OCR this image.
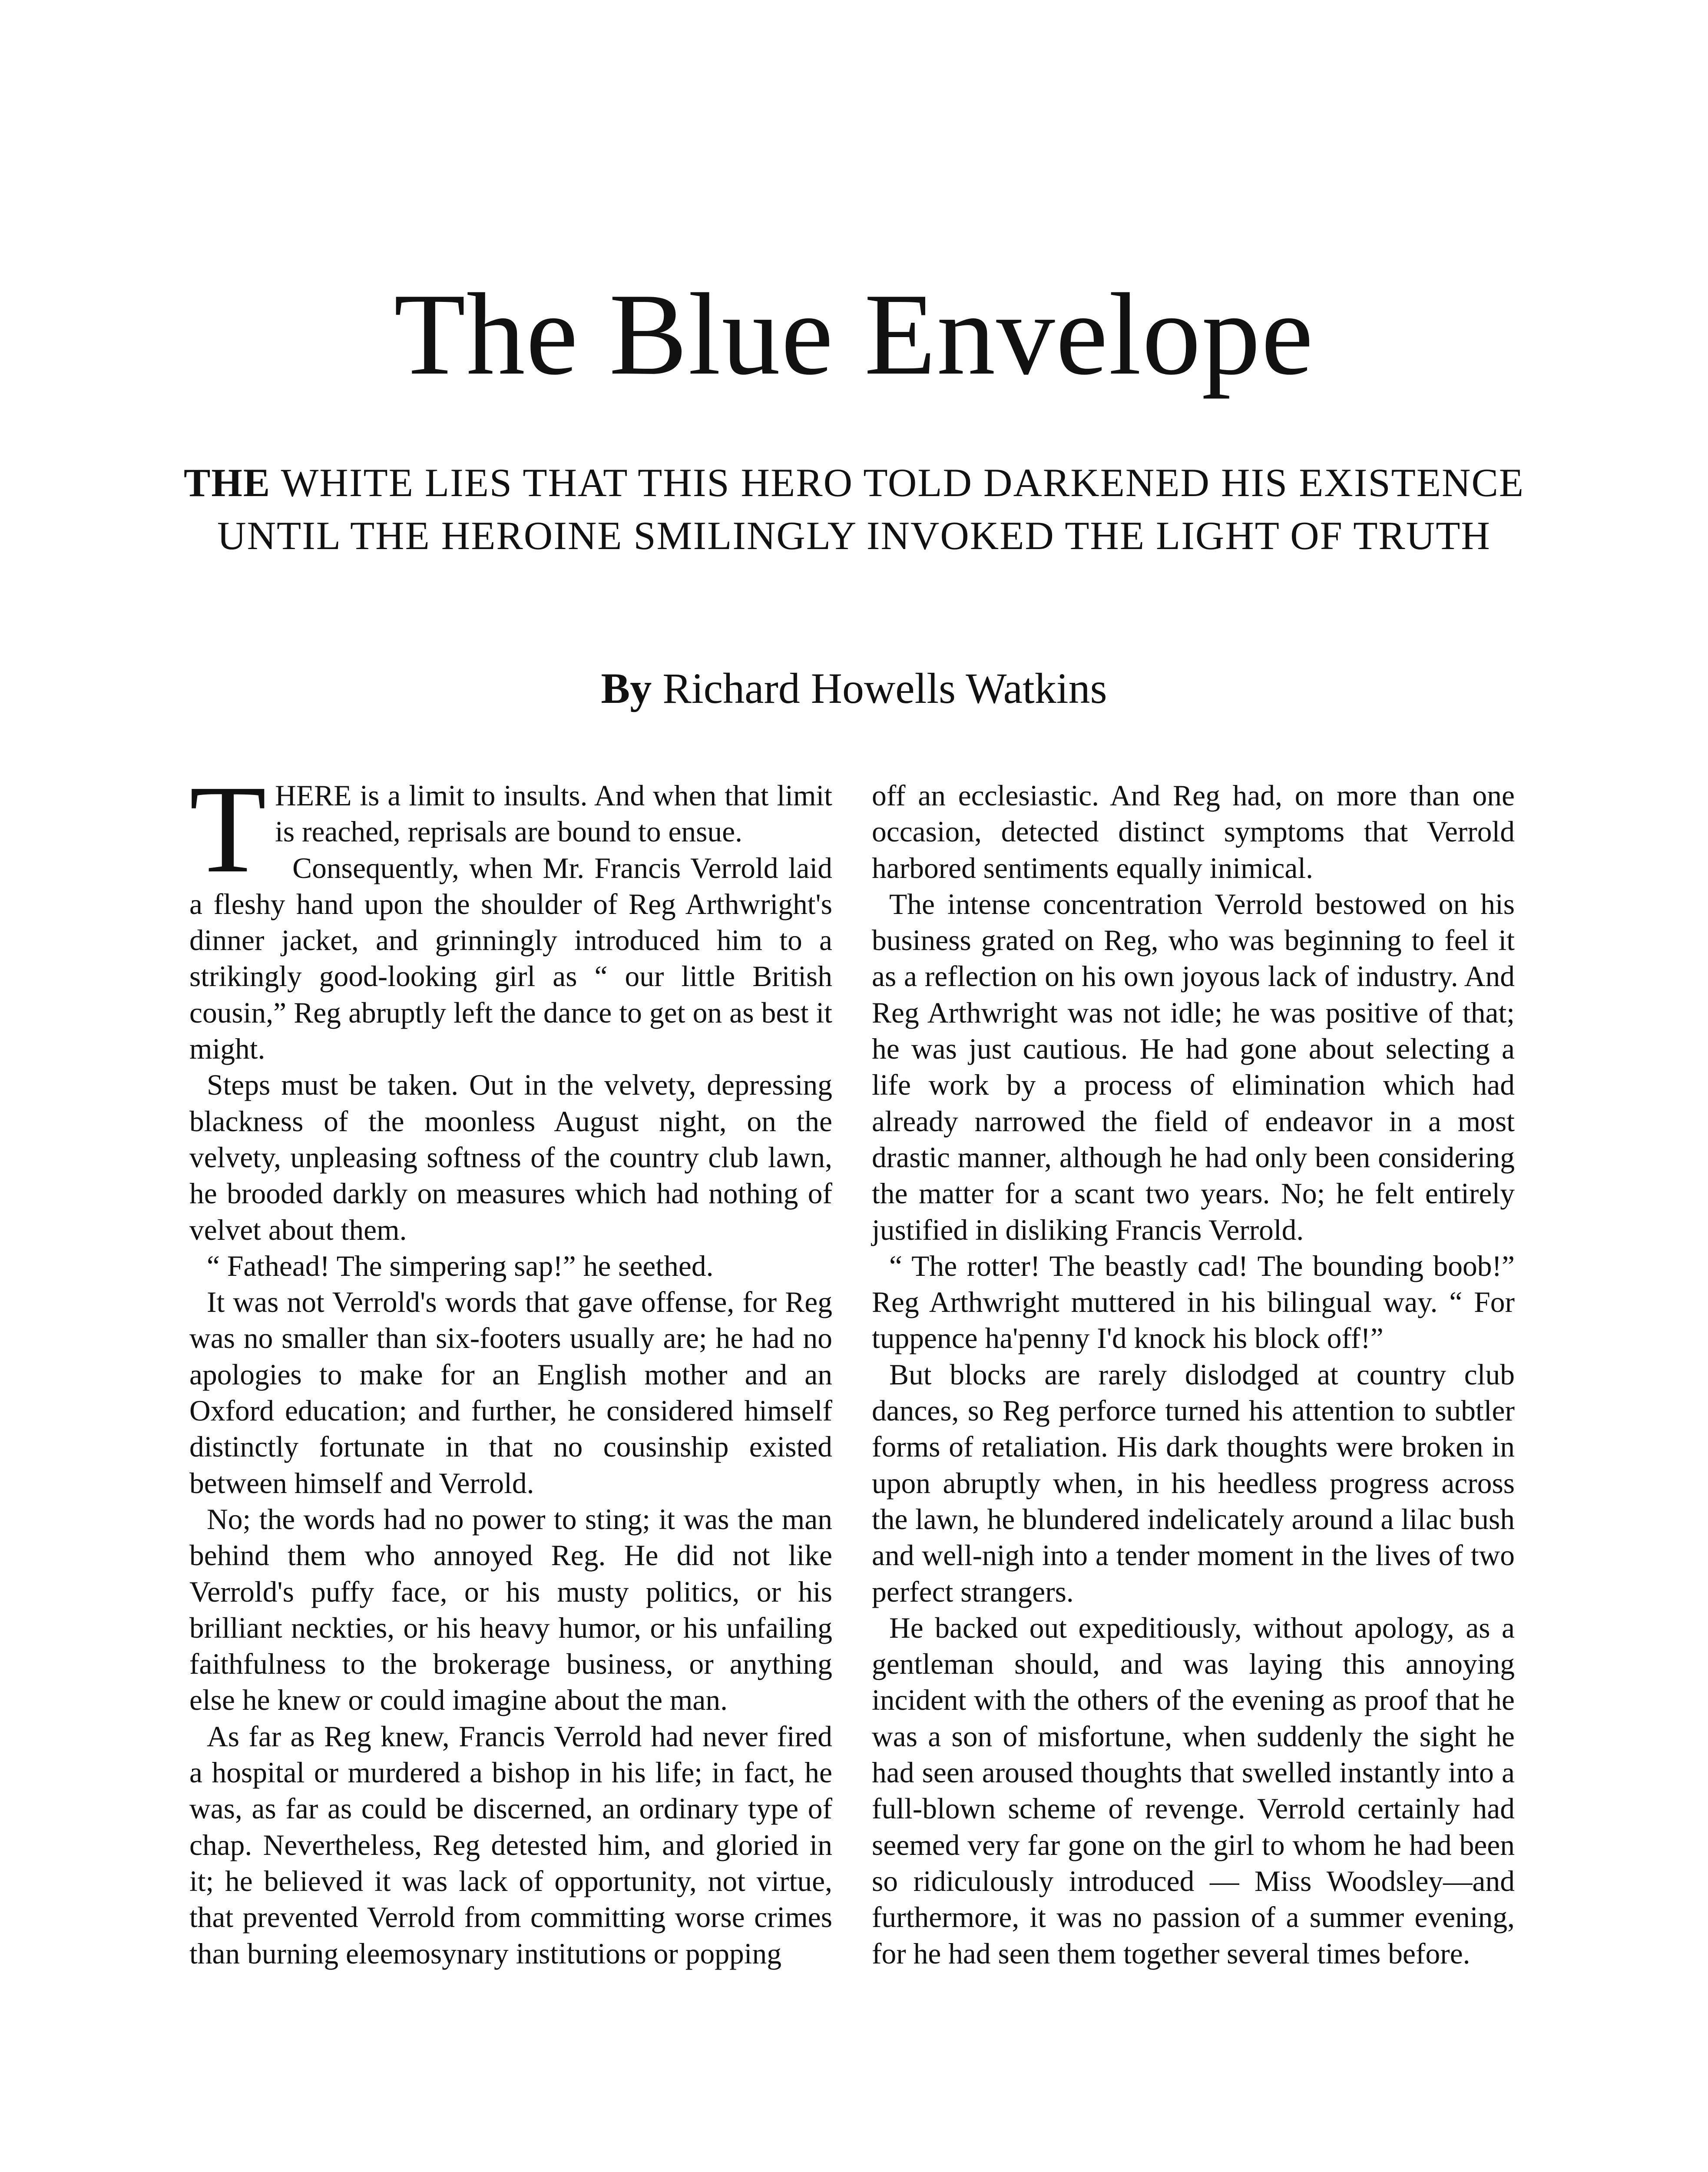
The Blue Envelope
THE WHITE LIES THAT THIS HERO TOLD DARKENED HIS EXISTENCE UNTIL THE HEROINE SMILINGLY INVOKED THE LIGHT OF TRUTH
By Richard Howells Watkins

THERE is a limit to insults. And when that limit is reached, reprisals are bound to ensue.

Consequently, when Mr. Francis Verrold laid a fleshy hand upon the shoulder of Reg Arthwright's dinner jacket, and grinningly introduced him to a strikingly good-looking girl as “ our little British cousin,” Reg abruptly left the dance to get on as best it might.

Steps must be taken. Out in the velvety, depressing blackness of the moonless August night, on the velvety, unpleasing softness of the country club lawn, he brooded darkly on measures which had nothing of velvet about them.

“ Fathead! The simpering sap!” he seethed.

It was not Verrold's words that gave offense, for Reg was no smaller than six-footers usually are; he had no apologies to make for an English mother and an Oxford education; and further, he considered himself distinctly fortunate in that no cousinship existed between himself and Verrold.

No; the words had no power to sting; it was the man behind them who annoyed Reg. He did not like Verrold's puffy face, or his musty politics, or his brilliant neckties, or his heavy humor, or his unfailing faithfulness to the brokerage business, or anything else he knew or could imagine about the man.

As far as Reg knew, Francis Verrold had never fired a hospital or murdered a bishop in his life; in fact, he was, as far as could be discerned, an ordinary type of chap. Nevertheless, Reg detested him, and gloried in it; he believed it was lack of opportunity, not virtue, that prevented Verrold from committing worse crimes than burning eleemosynary institutions or popping

off an ecclesiastic. And Reg had, on more than one occasion, detected distinct symptoms that Verrold harbored sentiments equally inimical.

The intense concentration Verrold bestowed on his business grated on Reg, who was beginning to feel it as a reflection on his own joyous lack of industry. And Reg Arthwright was not idle; he was positive of that; he was just cautious. He had gone about selecting a life work by a process of elimination which had already narrowed the field of endeavor in a most drastic manner, although he had only been considering the matter for a scant two years. No; he felt entirely justified in disliking Francis Verrold.

“ The rotter! The beastly cad! The bounding boob!” Reg Arthwright muttered in his bilingual way. “ For tuppence ha'penny I'd knock his block off!”

But blocks are rarely dislodged at country club dances, so Reg perforce turned his attention to subtler forms of retaliation. His dark thoughts were broken in upon abruptly when, in his heedless progress across the lawn, he blundered indelicately around a lilac bush and well-nigh into a tender moment in the lives of two perfect strangers.

He backed out expeditiously, without apology, as a gentleman should, and was laying this annoying incident with the others of the evening as proof that he was a son of misfortune, when suddenly the sight he had seen aroused thoughts that swelled instantly into a full-blown scheme of revenge. Verrold certainly had seemed very far gone on the girl to whom he had been so ridiculously introduced — Miss Woodsley—and furthermore, it was no passion of a summer evening, for he had seen them together several times before.
